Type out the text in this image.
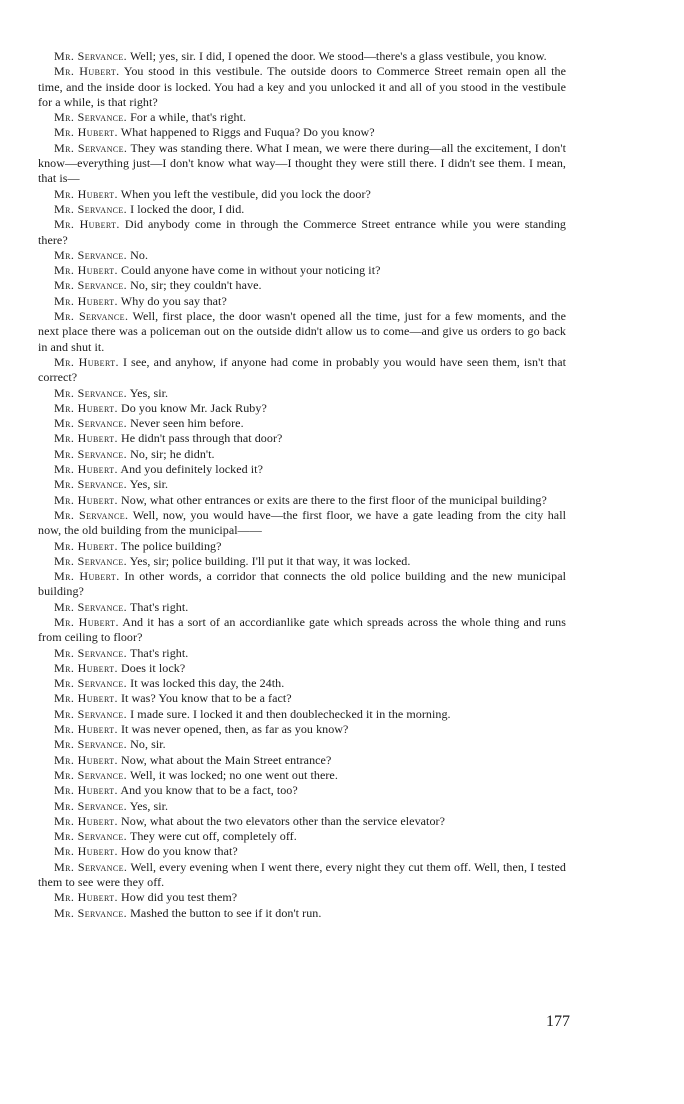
Mr. Servance. Well; yes, sir. I did, I opened the door. We stood—there's a glass vestibule, you know.

Mr. Hubert. You stood in this vestibule. The outside doors to Commerce Street remain open all the time, and the inside door is locked. You had a key and you unlocked it and all of you stood in the vestibule for a while, is that right?

Mr. Servance. For a while, that's right.

Mr. Hubert. What happened to Riggs and Fuqua? Do you know?

Mr. Servance. They was standing there. What I mean, we were there during—all the excitement, I don't know—everything just—I don't know what way—I thought they were still there. I didn't see them. I mean, that is—

Mr. Hubert. When you left the vestibule, did you lock the door?

Mr. Servance. I locked the door, I did.

Mr. Hubert. Did anybody come in through the Commerce Street entrance while you were standing there?

Mr. Servance. No.

Mr. Hubert. Could anyone have come in without your noticing it?

Mr. Servance. No, sir; they couldn't have.

Mr. Hubert. Why do you say that?

Mr. Servance. Well, first place, the door wasn't opened all the time, just for a few moments, and the next place there was a policeman out on the outside didn't allow us to come—and give us orders to go back in and shut it.

Mr. Hubert. I see, and anyhow, if anyone had come in probably you would have seen them, isn't that correct?

Mr. Servance. Yes, sir.

Mr. Hubert. Do you know Mr. Jack Ruby?

Mr. Servance. Never seen him before.

Mr. Hubert. He didn't pass through that door?

Mr. Servance. No, sir; he didn't.

Mr. Hubert. And you definitely locked it?

Mr. Servance. Yes, sir.

Mr. Hubert. Now, what other entrances or exits are there to the first floor of the municipal building?

Mr. Servance. Well, now, you would have—the first floor, we have a gate leading from the city hall now, the old building from the municipal——

Mr. Hubert. The police building?

Mr. Servance. Yes, sir; police building. I'll put it that way, it was locked.

Mr. Hubert. In other words, a corridor that connects the old police building and the new municipal building?

Mr. Servance. That's right.

Mr. Hubert. And it has a sort of an accordianlike gate which spreads across the whole thing and runs from ceiling to floor?

Mr. Servance. That's right.

Mr. Hubert. Does it lock?

Mr. Servance. It was locked this day, the 24th.

Mr. Hubert. It was? You know that to be a fact?

Mr. Servance. I made sure. I locked it and then doublechecked it in the morning.

Mr. Hubert. It was never opened, then, as far as you know?

Mr. Servance. No, sir.

Mr. Hubert. Now, what about the Main Street entrance?

Mr. Servance. Well, it was locked; no one went out there.

Mr. Hubert. And you know that to be a fact, too?

Mr. Servance. Yes, sir.

Mr. Hubert. Now, what about the two elevators other than the service elevator?

Mr. Servance. They were cut off, completely off.

Mr. Hubert. How do you know that?

Mr. Servance. Well, every evening when I went there, every night they cut them off. Well, then, I tested them to see were they off.

Mr. Hubert. How did you test them?

Mr. Servance. Mashed the button to see if it don't run.

177
